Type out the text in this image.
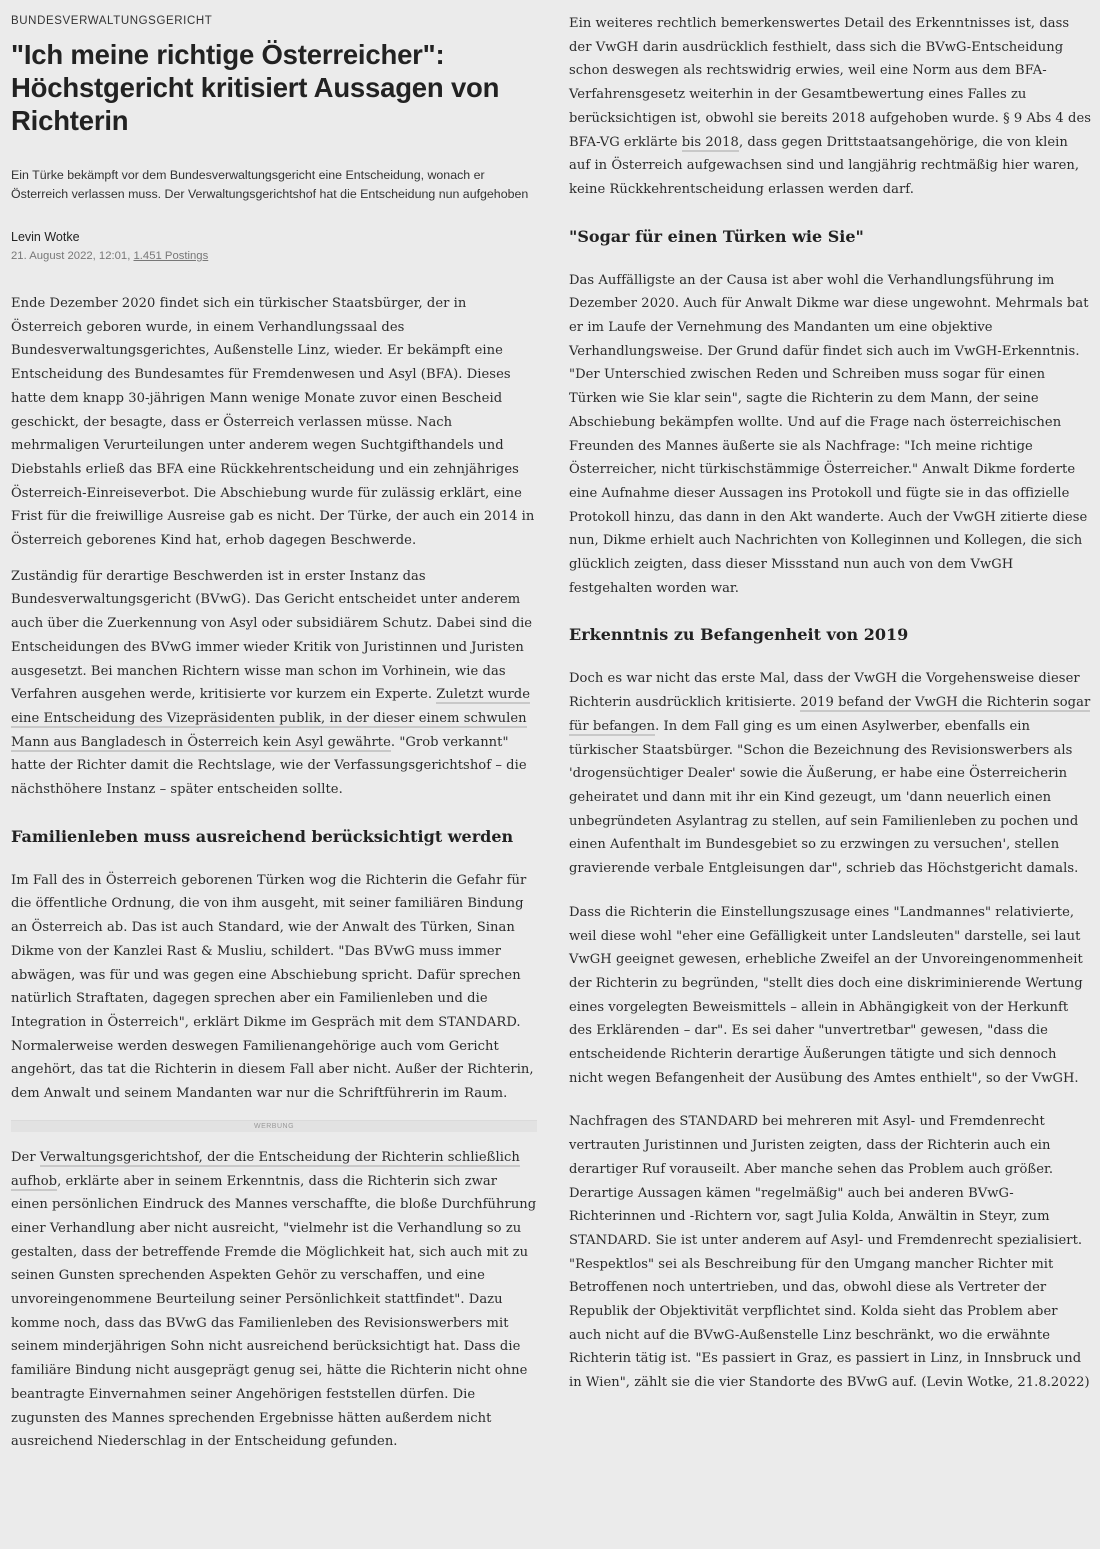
BUNDESVERWALTUNGSGERICHT
"Ich meine richtige Österreicher": Höchstgericht kritisiert Aussagen von Richterin
Ein Türke bekämpft vor dem Bundesverwaltungsgericht eine Entscheidung, wonach er Österreich verlassen muss. Der Verwaltungsgerichtshof hat die Entscheidung nun aufgehoben
Levin Wotke
21. August 2022, 12:01, 1.451 Postings

Ende Dezember 2020 findet sich ein türkischer Staatsbürger, der in Österreich geboren wurde, in einem Verhandlungssaal des Bundesverwaltungsgerichtes, Außenstelle Linz, wieder. Er bekämpft eine Entscheidung des Bundesamtes für Fremdenwesen und Asyl (BFA). Dieses hatte dem knapp 30-jährigen Mann wenige Monate zuvor einen Bescheid geschickt, der besagte, dass er Österreich verlassen müsse. Nach mehrmaligen Verurteilungen unter anderem wegen Suchtgifthandels und Diebstahls erließ das BFA eine Rückkehrentscheidung und ein zehnjähriges Österreich-Einreiseverbot. Die Abschiebung wurde für zulässig erklärt, eine Frist für die freiwillige Ausreise gab es nicht. Der Türke, der auch ein 2014 in Österreich geborenes Kind hat, erhob dagegen Beschwerde.

Zuständig für derartige Beschwerden ist in erster Instanz das Bundesverwaltungsgericht (BVwG). Das Gericht entscheidet unter anderem auch über die Zuerkennung von Asyl oder subsidiärem Schutz. Dabei sind die Entscheidungen des BVwG immer wieder Kritik von Juristinnen und Juristen ausgesetzt. Bei manchen Richtern wisse man schon im Vorhinein, wie das Verfahren ausgehen werde, kritisierte vor kurzem ein Experte. Zuletzt wurde eine Entscheidung des Vizepräsidenten publik, in der dieser einem schwulen Mann aus Bangladesch in Österreich kein Asyl gewährte. "Grob verkannt" hatte der Richter damit die Rechtslage, wie der Verfassungsgerichtshof – die nächsthöhere Instanz – später entscheiden sollte.

Familienleben muss ausreichend berücksichtigt werden

Im Fall des in Österreich geborenen Türken wog die Richterin die Gefahr für die öffentliche Ordnung, die von ihm ausgeht, mit seiner familiären Bindung an Österreich ab. Das ist auch Standard, wie der Anwalt des Türken, Sinan Dikme von der Kanzlei Rast & Musliu, schildert. "Das BVwG muss immer abwägen, was für und was gegen eine Abschiebung spricht. Dafür sprechen natürlich Straftaten, dagegen sprechen aber ein Familienleben und die Integration in Österreich", erklärt Dikme im Gespräch mit dem STANDARD. Normalerweise werden deswegen Familienangehörige auch vom Gericht angehört, das tat die Richterin in diesem Fall aber nicht. Außer der Richterin, dem Anwalt und seinem Mandanten war nur die Schriftführerin im Raum.

WERBUNG

Der Verwaltungsgerichtshof, der die Entscheidung der Richterin schließlich aufhob, erklärte aber in seinem Erkenntnis, dass die Richterin sich zwar einen persönlichen Eindruck des Mannes verschaffte, die bloße Durchführung einer Verhandlung aber nicht ausreicht, "vielmehr ist die Verhandlung so zu gestalten, dass der betreffende Fremde die Möglichkeit hat, sich auch mit zu seinen Gunsten sprechenden Aspekten Gehör zu verschaffen, und eine unvoreingenommene Beurteilung seiner Persönlichkeit stattfindet". Dazu komme noch, dass das BVwG das Familienleben des Revisionswerbers mit seinem minderjährigen Sohn nicht ausreichend berücksichtigt hat. Dass die familiäre Bindung nicht ausgeprägt genug sei, hätte die Richterin nicht ohne beantragte Einvernahmen seiner Angehörigen feststellen dürfen. Die zugunsten des Mannes sprechenden Ergebnisse hätten außerdem nicht ausreichend Niederschlag in der Entscheidung gefunden.

Ein weiteres rechtlich bemerkenswertes Detail des Erkenntnisses ist, dass der VwGH darin ausdrücklich festhielt, dass sich die BVwG-Entscheidung schon deswegen als rechtswidrig erwies, weil eine Norm aus dem BFA-Verfahrensgesetz weiterhin in der Gesamtbewertung eines Falles zu berücksichtigen ist, obwohl sie bereits 2018 aufgehoben wurde. § 9 Abs 4 des BFA-VG erklärte bis 2018, dass gegen Drittstaatsangehörige, die von klein auf in Österreich aufgewachsen sind und langjährig rechtmäßig hier waren, keine Rückkehrentscheidung erlassen werden darf.

"Sogar für einen Türken wie Sie"

Das Auffälligste an der Causa ist aber wohl die Verhandlungsführung im Dezember 2020. Auch für Anwalt Dikme war diese ungewohnt. Mehrmals bat er im Laufe der Vernehmung des Mandanten um eine objektive Verhandlungsweise. Der Grund dafür findet sich auch im VwGH-Erkenntnis. "Der Unterschied zwischen Reden und Schreiben muss sogar für einen Türken wie Sie klar sein", sagte die Richterin zu dem Mann, der seine Abschiebung bekämpfen wollte. Und auf die Frage nach österreichischen Freunden des Mannes äußerte sie als Nachfrage: "Ich meine richtige Österreicher, nicht türkischstämmige Österreicher." Anwalt Dikme forderte eine Aufnahme dieser Aussagen ins Protokoll und fügte sie in das offizielle Protokoll hinzu, das dann in den Akt wanderte. Auch der VwGH zitierte diese nun, Dikme erhielt auch Nachrichten von Kolleginnen und Kollegen, die sich glücklich zeigten, dass dieser Missstand nun auch von dem VwGH festgehalten worden war.

Erkenntnis zu Befangenheit von 2019

Doch es war nicht das erste Mal, dass der VwGH die Vorgehensweise dieser Richterin ausdrücklich kritisierte. 2019 befand der VwGH die Richterin sogar für befangen. In dem Fall ging es um einen Asylwerber, ebenfalls ein türkischer Staatsbürger. "Schon die Bezeichnung des Revisionswerbers als 'drogensüchtiger Dealer' sowie die Äußerung, er habe eine Österreicherin geheiratet und dann mit ihr ein Kind gezeugt, um 'dann neuerlich einen unbegründeten Asylantrag zu stellen, auf sein Familienleben zu pochen und einen Aufenthalt im Bundesgebiet so zu erzwingen zu versuchen', stellen gravierende verbale Entgleisungen dar", schrieb das Höchstgericht damals.

Dass die Richterin die Einstellungszusage eines "Landmannes" relativierte, weil diese wohl "eher eine Gefälligkeit unter Landsleuten" darstelle, sei laut VwGH geeignet gewesen, erhebliche Zweifel an der Unvoreingenommenheit der Richterin zu begründen, "stellt dies doch eine diskriminierende Wertung eines vorgelegten Beweismittels – allein in Abhängigkeit von der Herkunft des Erklärenden – dar". Es sei daher "unvertretbar" gewesen, "dass die entscheidende Richterin derartige Äußerungen tätigte und sich dennoch nicht wegen Befangenheit der Ausübung des Amtes enthielt", so der VwGH.

Nachfragen des STANDARD bei mehreren mit Asyl- und Fremdenrecht vertrauten Juristinnen und Juristen zeigten, dass der Richterin auch ein derartiger Ruf vorauseilt. Aber manche sehen das Problem auch größer. Derartige Aussagen kämen "regelmäßig" auch bei anderen BVwG-Richterinnen und -Richtern vor, sagt Julia Kolda, Anwältin in Steyr, zum STANDARD. Sie ist unter anderem auf Asyl- und Fremdenrecht spezialisiert. "Respektlos" sei als Beschreibung für den Umgang mancher Richter mit Betroffenen noch untertrieben, und das, obwohl diese als Vertreter der Republik der Objektivität verpflichtet sind. Kolda sieht das Problem aber auch nicht auf die BVwG-Außenstelle Linz beschränkt, wo die erwähnte Richterin tätig ist. "Es passiert in Graz, es passiert in Linz, in Innsbruck und in Wien", zählt sie die vier Standorte des BVwG auf. (Levin Wotke, 21.8.2022)
